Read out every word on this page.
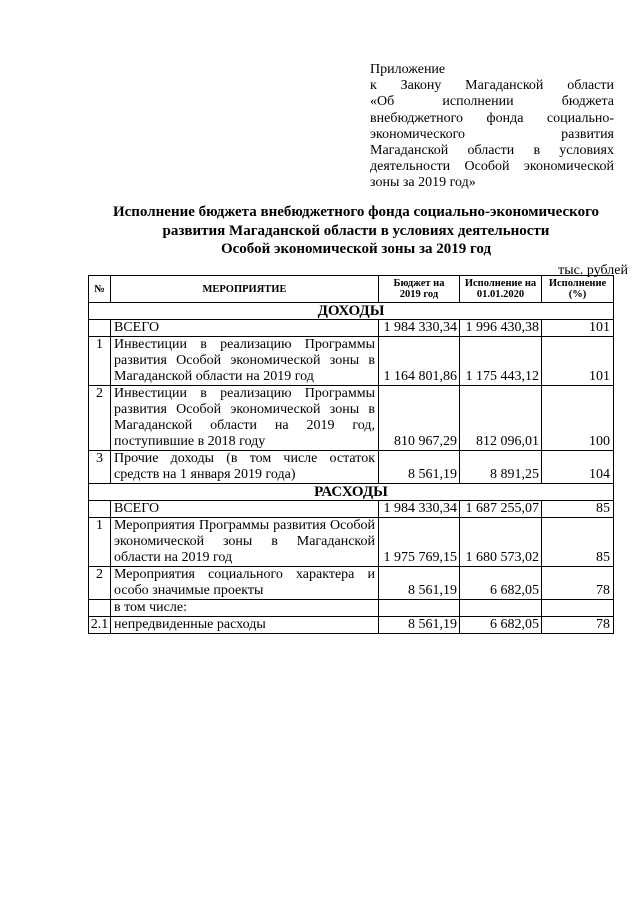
Приложение
к Закону Магаданской области
«Об исполнении бюджета
внебюджетного фонда социально-
экономического развития
Магаданской области в условиях
деятельности Особой экономической
зоны за 2019 год»
Исполнение бюджета внебюджетного фонда социально-экономического
развития Магаданской области в условиях деятельности
Особой экономической зоны за 2019 год
тыс. рублей
№	МЕРОПРИЯТИЕ	Бюджет на 2019 год	Исполнение на 01.01.2020	Исполнение (%)
ДОХОДЫ				
	ВСЕГО	1 984 330,34	1 996 430,38	101
1	Инвестиции в реализацию Программы развития Особой экономической зоны в Магаданской области на 2019 год	1 164 801,86	1 175 443,12	101
2	Инвестиции в реализацию Программы развития Особой экономической зоны в Магаданской области на 2019 год, поступившие в 2018 году	810 967,29	812 096,01	100
3	Прочие доходы (в том числе остаток средств на 1 января 2019 года)	8 561,19	8 891,25	104
РАСХОДЫ				
	ВСЕГО	1 984 330,34	1 687 255,07	85
1	Мероприятия Программы развития Особой экономической зоны в Магаданской области на 2019 год	1 975 769,15	1 680 573,02	85
2	Мероприятия социального характера и особо значимые проекты	8 561,19	6 682,05	78
	в том числе:			
2.1	непредвиденные расходы	8 561,19	6 682,05	78
